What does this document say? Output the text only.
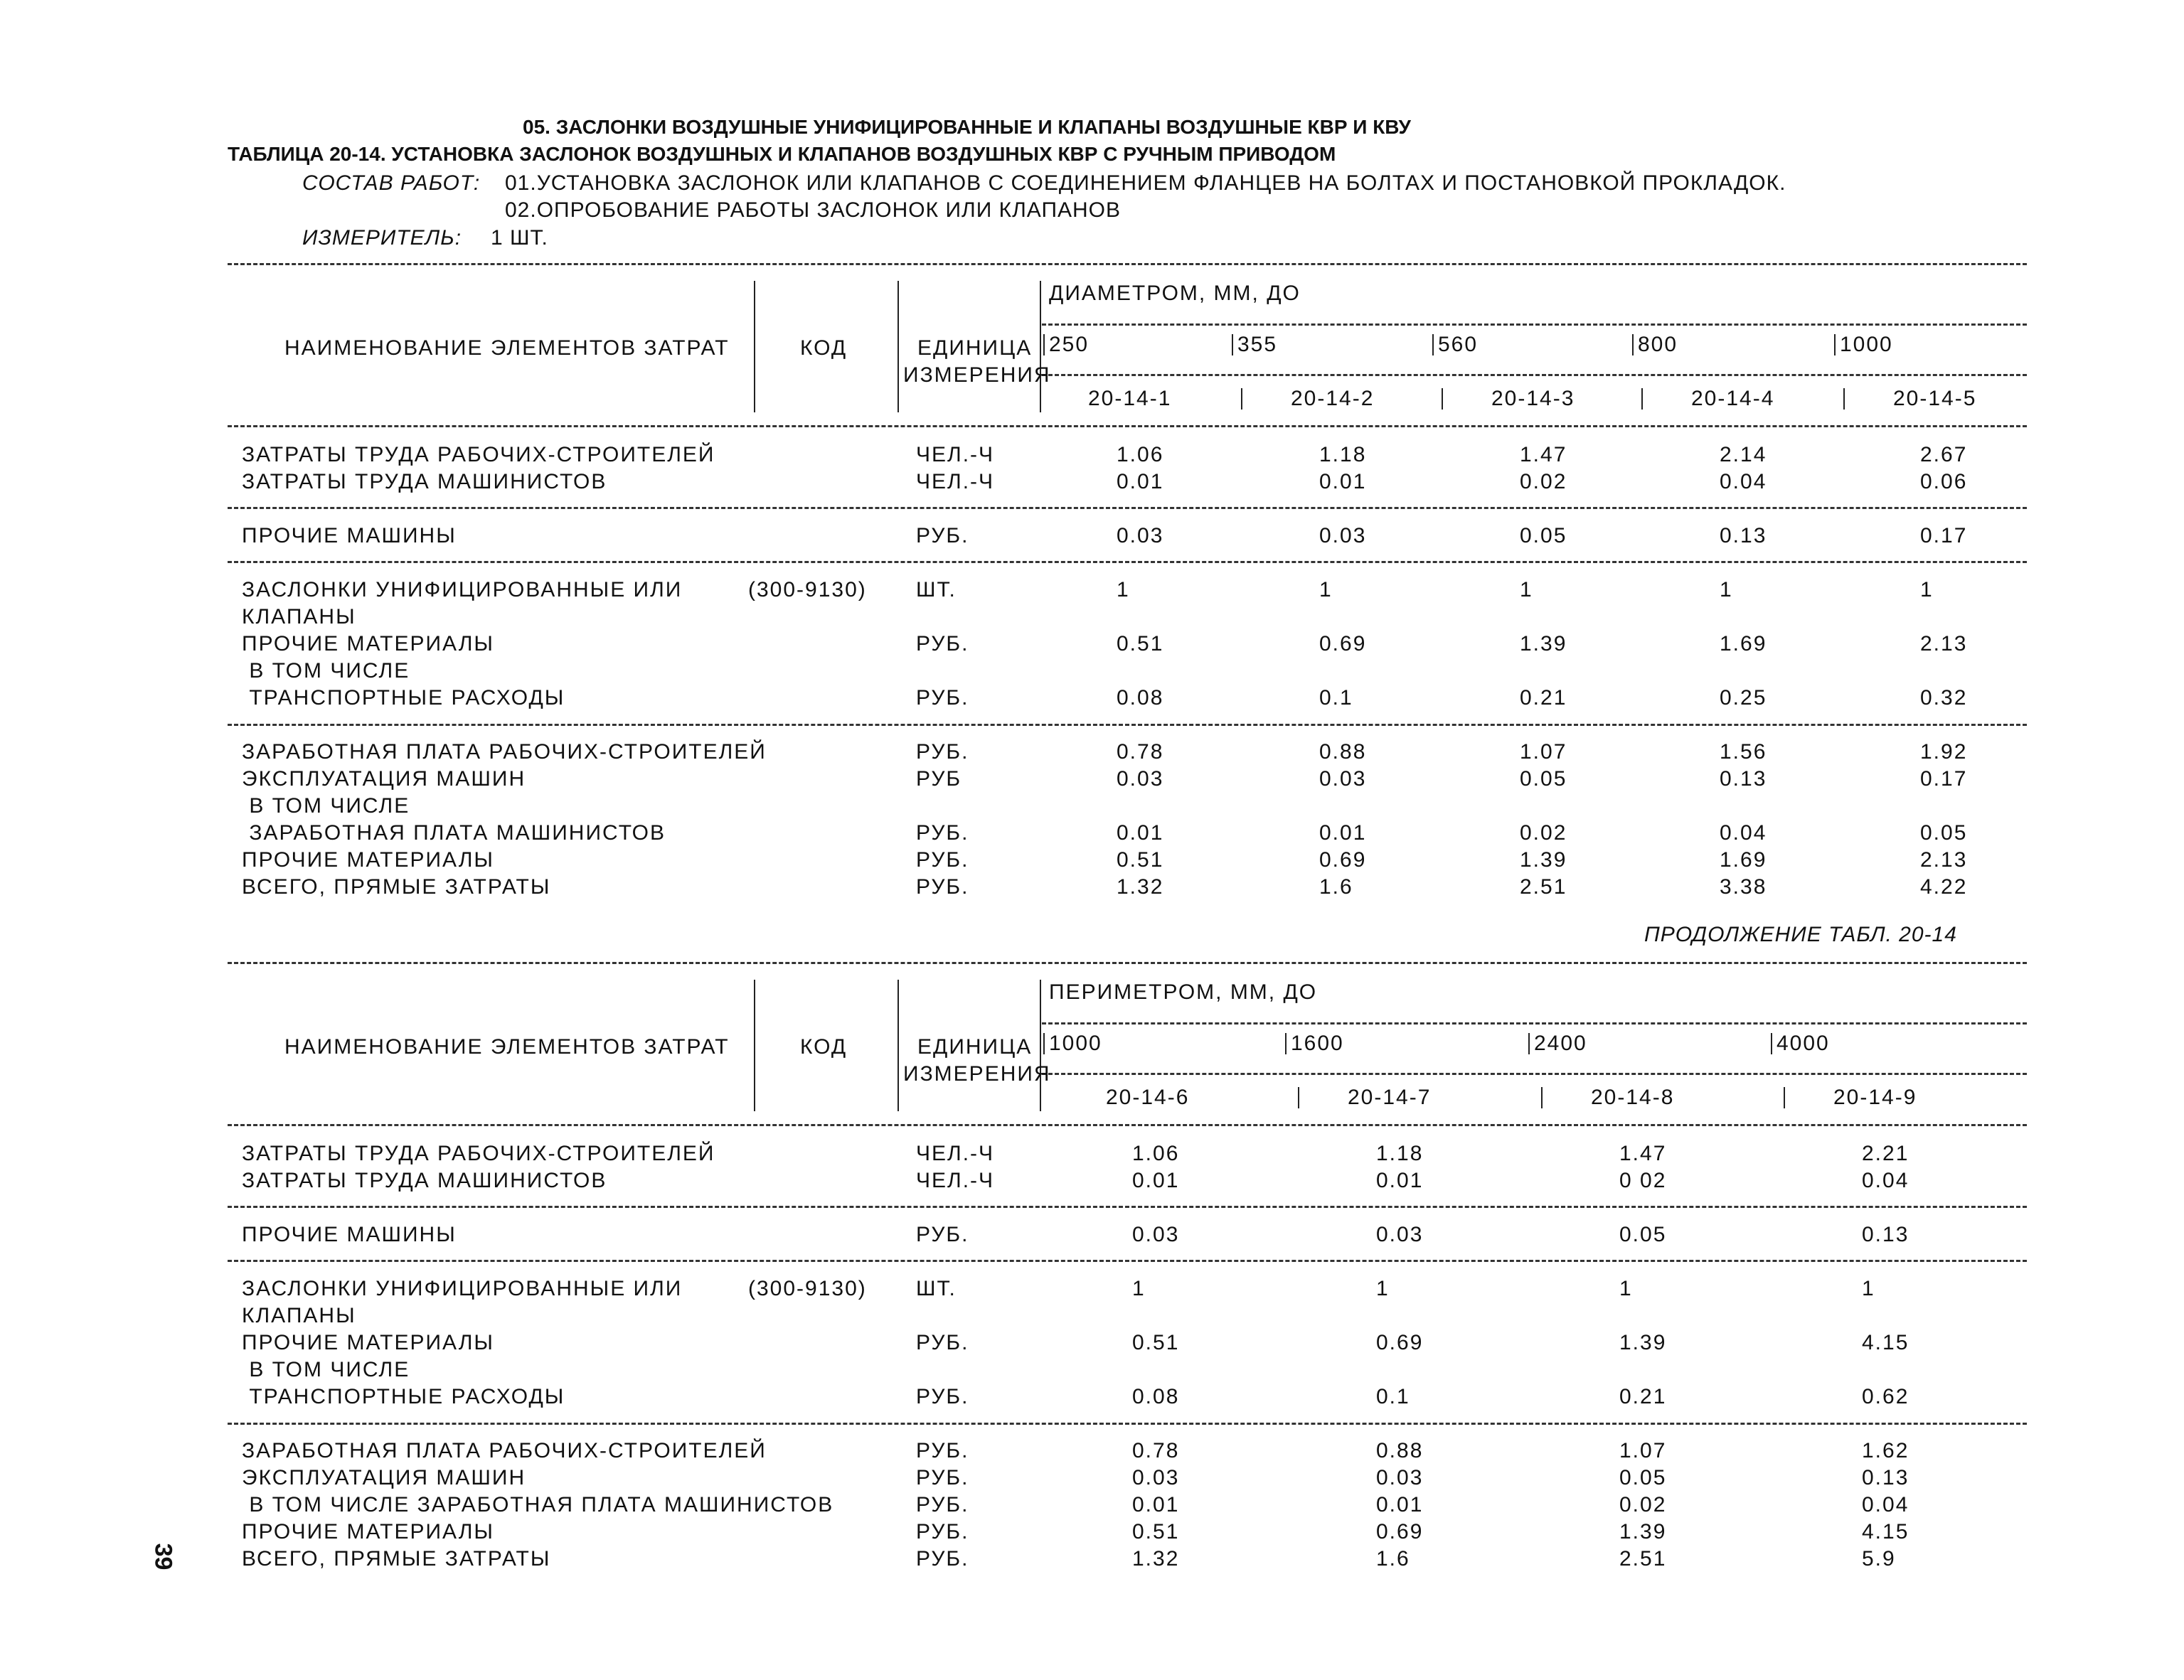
05. ЗАСЛОНКИ ВОЗДУШНЫЕ УНИФИЦИРОВАННЫЕ И КЛАПАНЫ ВОЗДУШНЫЕ КВР И КВУ
ТАБЛИЦА 20-14. УСТАНОВКА ЗАСЛОНОК ВОЗДУШНЫХ И КЛАПАНОВ ВОЗДУШНЫХ КВР С РУЧНЫМ ПРИВОДОМ
СОСТАВ РАБОТ: 01.УСТАНОВКА ЗАСЛОНОК ИЛИ КЛАПАНОВ С СОЕДИНЕНИЕМ ФЛАНЦЕВ НА БОЛТАХ И ПОСТАНОВКОЙ ПРОКЛАДОК.
02.ОПРОБОВАНИЕ РАБОТЫ ЗАСЛОНОК ИЛИ КЛАПАНОВ
ИЗМЕРИТЕЛЬ: 1 ШТ.
НАИМЕНОВАНИЕ ЭЛЕМЕНТОВ ЗАТРАТ	КОД	ЕДИНИЦА
ИЗМЕРЕНИЯ
ДИАМЕТРОМ, ММ, ДО
250	355	560	800	1000
20-14-1	20-14-2	20-14-3	20-14-4	20-14-5
ЗАТРАТЫ ТРУДА РАБОЧИХ-СТРОИТЕЛЕЙ	ЧЕЛ.-Ч	1.06	1.18	1.47	2.14	2.67
ЗАТРАТЫ ТРУДА МАШИНИСТОВ	ЧЕЛ.-Ч	0.01	0.01	0.02	0.04	0.06
ПРОЧИЕ МАШИНЫ	РУБ.	0.03	0.03	0.05	0.13	0.17
ЗАСЛОНКИ УНИФИЦИРОВАННЫЕ ИЛИ	(300-9130) ШТ.	1	1	1	1	1
КЛАПАНЫ
ПРОЧИЕ МАТЕРИАЛЫ	РУБ.	0.51	0.69	1.39	1.69	2.13
В ТОМ ЧИСЛЕ
ТРАНСПОРТНЫЕ РАСХОДЫ	РУБ.	0.08	0.1	0.21	0.25	0.32
ЗАРАБОТНАЯ ПЛАТА РАБОЧИХ-СТРОИТЕЛЕЙ	РУБ.	0.78	0.88	1.07	1.56	1.92
ЭКСПЛУАТАЦИЯ МАШИН	РУБ	0.03	0.03	0.05	0.13	0.17
В ТОМ ЧИСЛЕ
ЗАРАБОТНАЯ ПЛАТА МАШИНИСТОВ	РУБ.	0.01	0.01	0.02	0.04	0.05
ПРОЧИЕ МАТЕРИАЛЫ	РУБ.	0.51	0.69	1.39	1.69	2.13
ВСЕГО, ПРЯМЫЕ ЗАТРАТЫ	РУБ.	1.32	1.6	2.51	3.38	4.22
ПРОДОЛЖЕНИЕ ТАБЛ. 20-14
НАИМЕНОВАНИЕ ЭЛЕМЕНТОВ ЗАТРАТ	КОД	ЕДИНИЦА
ИЗМЕРЕНИЯ
ПЕРИМЕТРОМ, ММ, ДО
1000	1600	2400	4000
20-14-6	20-14-7	20-14-8	20-14-9
ЗАТРАТЫ ТРУДА РАБОЧИХ-СТРОИТЕЛЕЙ	ЧЕЛ.-Ч	1.06	1.18	1.47	2.21
ЗАТРАТЫ ТРУДА МАШИНИСТОВ	ЧЕЛ.-Ч	0.01	0.01	0 02	0.04
ПРОЧИЕ МАШИНЫ	РУБ.	0.03	0.03	0.05	0.13
ЗАСЛОНКИ УНИФИЦИРОВАННЫЕ ИЛИ	(300-9130) ШТ.	1	1	1	1
КЛАПАНЫ
ПРОЧИЕ МАТЕРИАЛЫ	РУБ.	0.51	0.69	1.39	4.15
В ТОМ ЧИСЛЕ
ТРАНСПОРТНЫЕ РАСХОДЫ	РУБ.	0.08	0.1	0.21	0.62
ЗАРАБОТНАЯ ПЛАТА РАБОЧИХ-СТРОИТЕЛЕЙ	РУБ.	0.78	0.88	1.07	1.62
ЭКСПЛУАТАЦИЯ МАШИН	РУБ.	0.03	0.03	0.05	0.13
В ТОМ ЧИСЛЕ ЗАРАБОТНАЯ ПЛАТА МАШИНИСТОВ	РУБ.	0.01	0.01	0.02	0.04
ПРОЧИЕ МАТЕРИАЛЫ	РУБ.	0.51	0.69	1.39	4.15
ВСЕГО, ПРЯМЫЕ ЗАТРАТЫ	РУБ.	1.32	1.6	2.51	5.9
39
